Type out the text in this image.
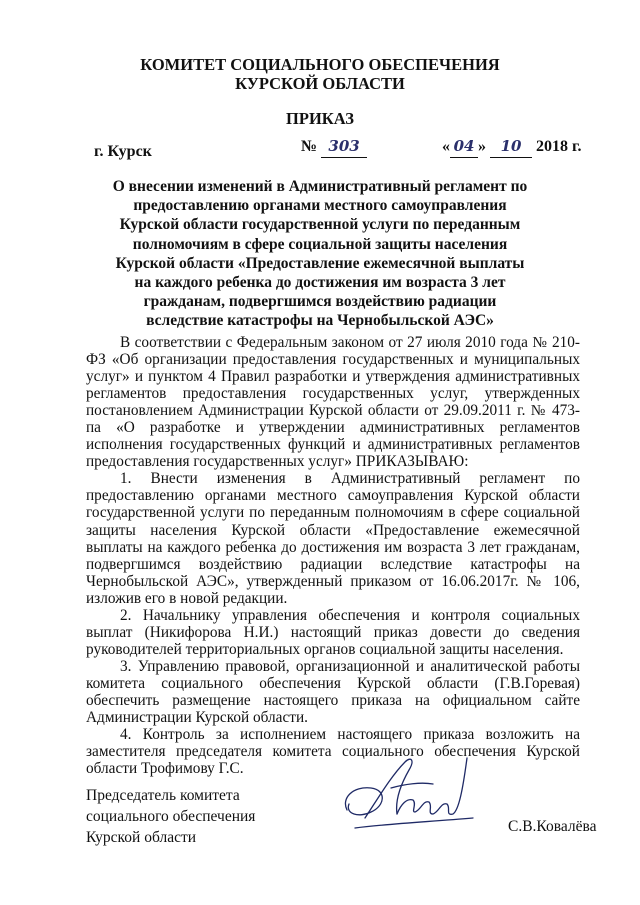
КОМИТЕТ СОЦИАЛЬНОГО ОБЕСПЕЧЕНИЯ
КУРСКОЙ ОБЛАСТИ
ПРИКАЗ
г. Курск	№ 303	« 04 » 10 2018 г.
О внесении изменений в Административный регламент по
предоставлению органами местного самоуправления
Курской области государственной услуги по переданным
полномочиям в сфере социальной защиты населения
Курской области «Предоставление ежемесячной выплаты
на каждого ребенка до достижения им возраста 3 лет
гражданам, подвергшимся воздействию радиации
вследствие катастрофы на Чернобыльской АЭС»

В соответствии с Федеральным законом от 27 июля 2010 года № 210-ФЗ «Об организации предоставления государственных и муниципальных услуг» и пунктом 4 Правил разработки и утверждения административных регламентов предоставления государственных услуг, утвержденных постановлением Администрации Курской области от 29.09.2011 г. № 473-па «О разработке и утверждении административных регламентов исполнения государственных функций и административных регламентов предоставления государственных услуг» ПРИКАЗЫВАЮ:

1. Внести изменения в Административный регламент по предоставлению органами местного самоуправления Курской области государственной услуги по переданным полномочиям в сфере социальной защиты населения Курской области «Предоставление ежемесячной выплаты на каждого ребенка до достижения им возраста 3 лет гражданам, подвергшимся воздействию радиации вследствие катастрофы на Чернобыльской АЭС», утвержденный приказом от 16.06.2017г. № 106, изложив его в новой редакции.

2. Начальнику управления обеспечения и контроля социальных выплат (Никифорова Н.И.) настоящий приказ довести до сведения руководителей территориальных органов социальной защиты населения.

3. Управлению правовой, организационной и аналитической работы комитета социального обеспечения Курской области (Г.В.Горевая) обеспечить размещение настоящего приказа на официальном сайте Администрации Курской области.

4. Контроль за исполнением настоящего приказа возложить на заместителя председателя комитета социального обеспечения Курской области Трофимову Г.С.

Председатель комитета
социального обеспечения
Курской области
С.В.Ковалёва
